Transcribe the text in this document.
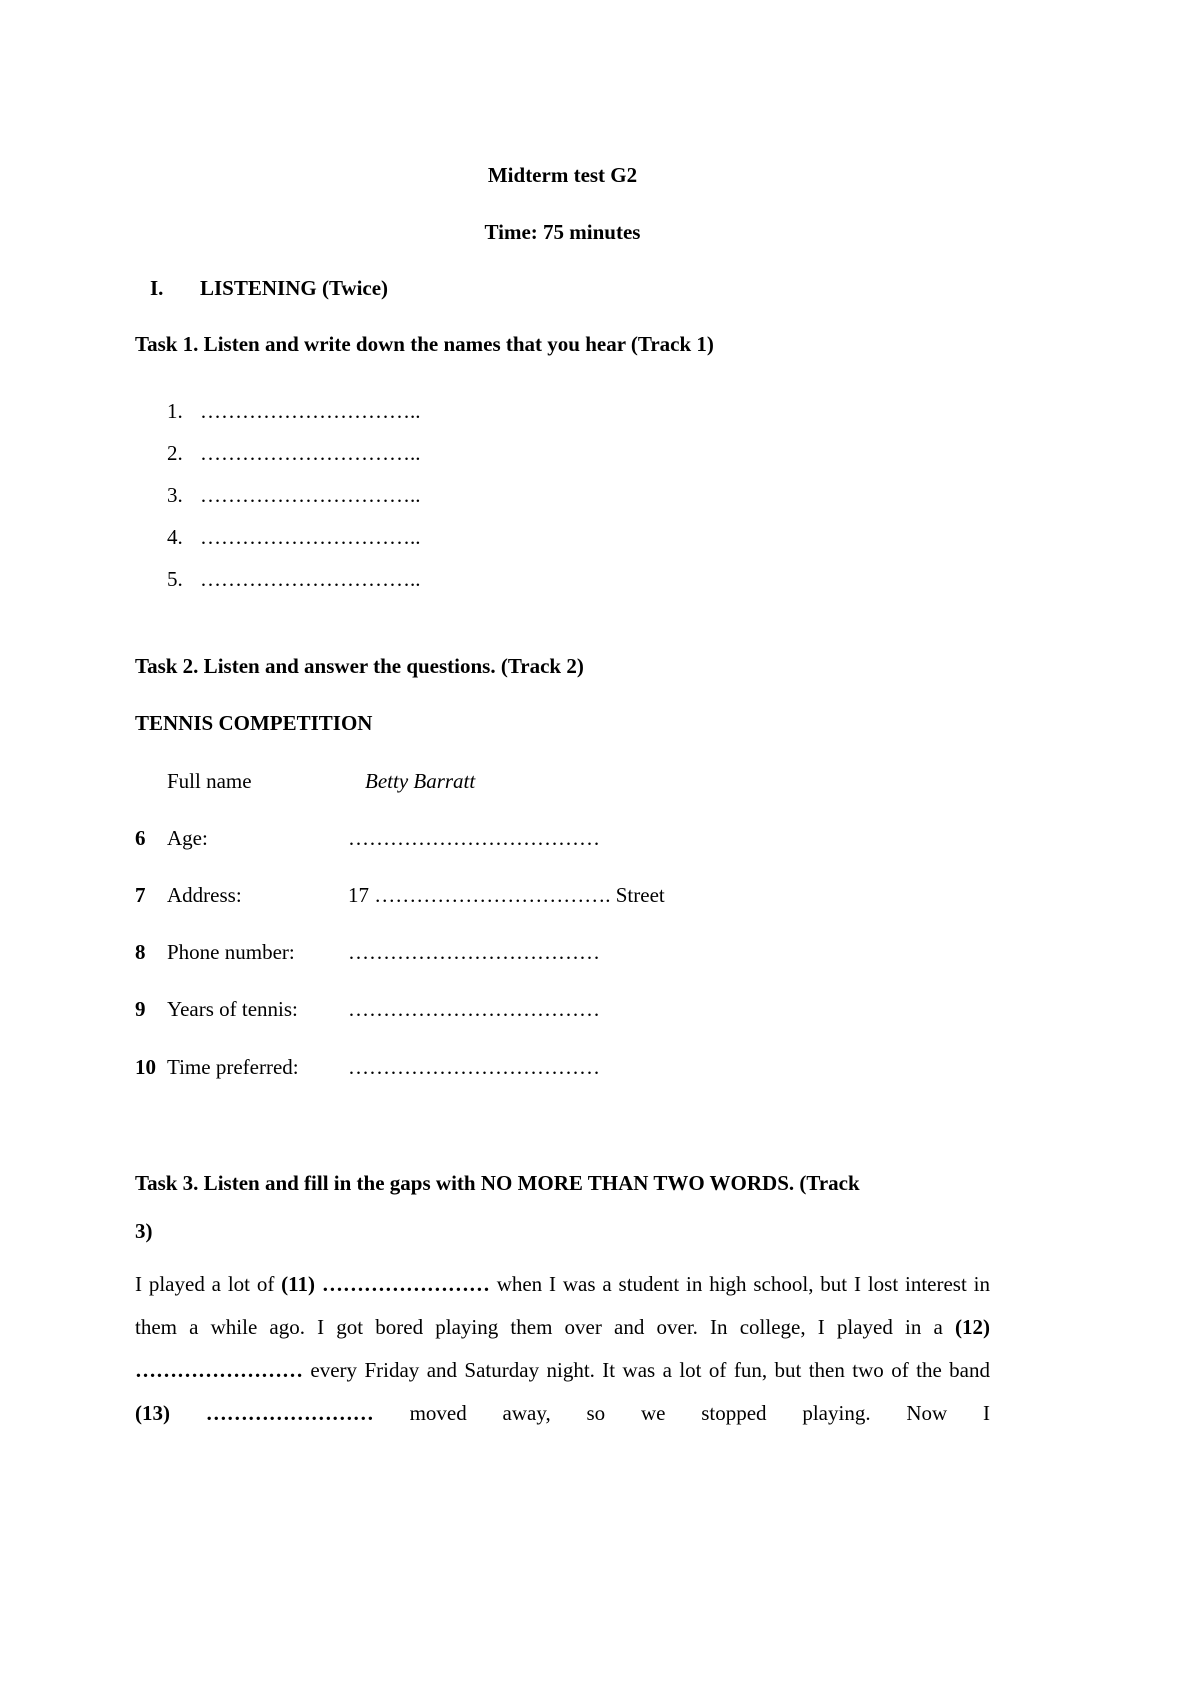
Midterm test G2
Time: 75 minutes
I. LISTENING (Twice)
Task 1. Listen and write down the names that you hear (Track 1)
1. …………………………..
2. …………………………..
3. …………………………..
4. …………………………..
5. …………………………..
Task 2. Listen and answer the questions. (Track 2)
TENNIS COMPETITION
Full name	Betty Barratt
6	Age:	………………………………
7	Address:	17 ……………………………. Street
8	Phone number:	………………………………
9	Years of tennis:	………………………………
10 Time preferred:	………………………………
Task 3. Listen and fill in the gaps with NO MORE THAN TWO WORDS. (Track
3)

I played a lot of (11) …………………… when I was a student in high school, but I lost interest in them a while ago. I got bored playing them over and over. In college, I played in a (12) …………………… every Friday and Saturday night. It was a lot of fun, but then two of the band (13) …………………… moved away, so we stopped playing. Now I
